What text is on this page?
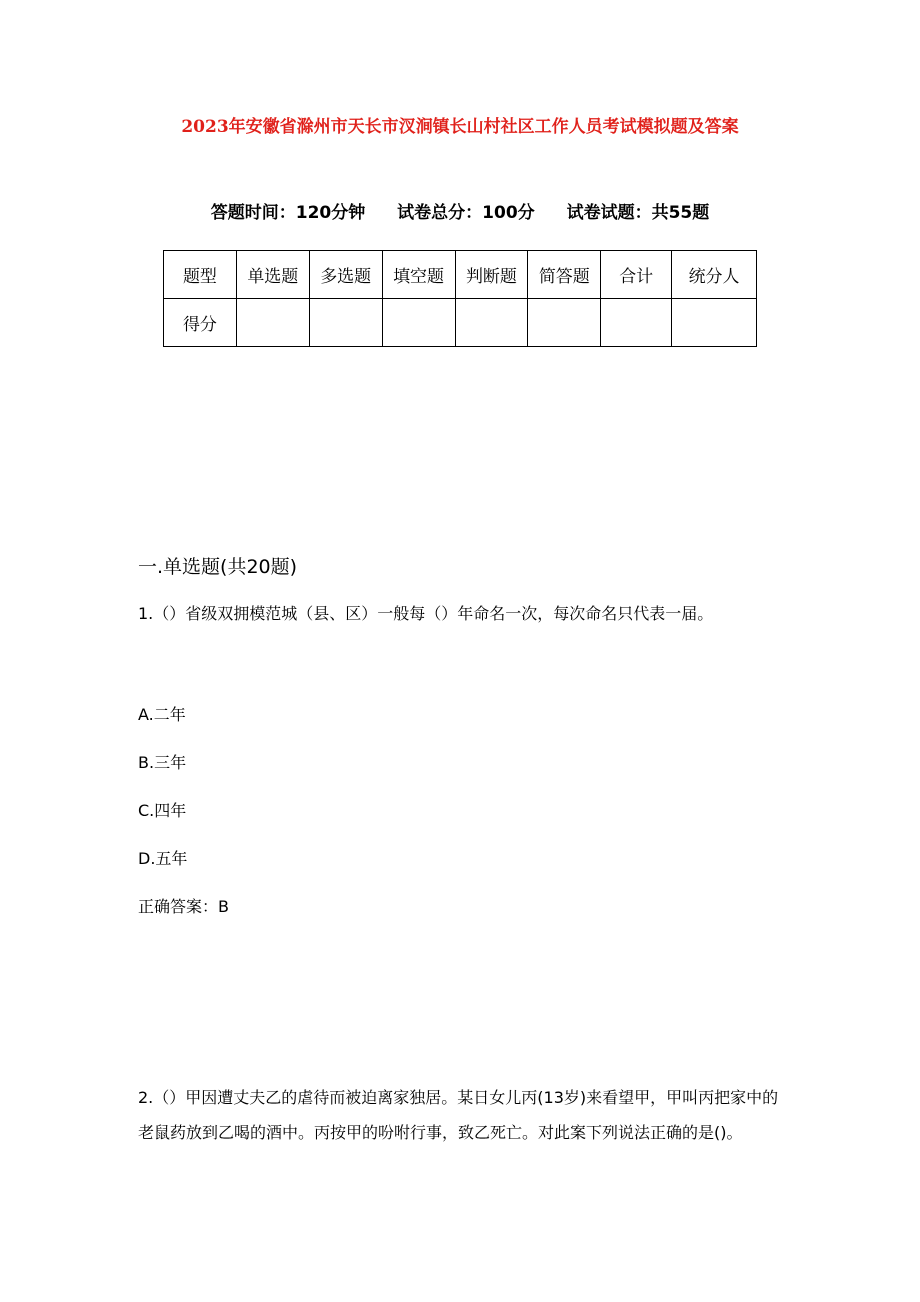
2023年安徽省滁州市天长市汊涧镇长山村社区工作人员考试模拟题及答案
答题时间：120分钟 试卷总分：100分 试卷试题：共55题
题型	单选题	多选题	填空题	判断题	简答题	合计	统分人
得分							
一.单选题(共20题)
1.（）省级双拥模范城（县、区）一般每（）年命名一次，每次命名只代表一届。
A.二年
B.三年
C.四年
D.五年
正确答案：B
2.（）甲因遭丈夫乙的虐待而被迫离家独居。某日女儿丙(13岁)来看望甲，甲叫丙把家中的老鼠药放到乙喝的酒中。丙按甲的吩咐行事，致乙死亡。对此案下列说法正确的是()。
